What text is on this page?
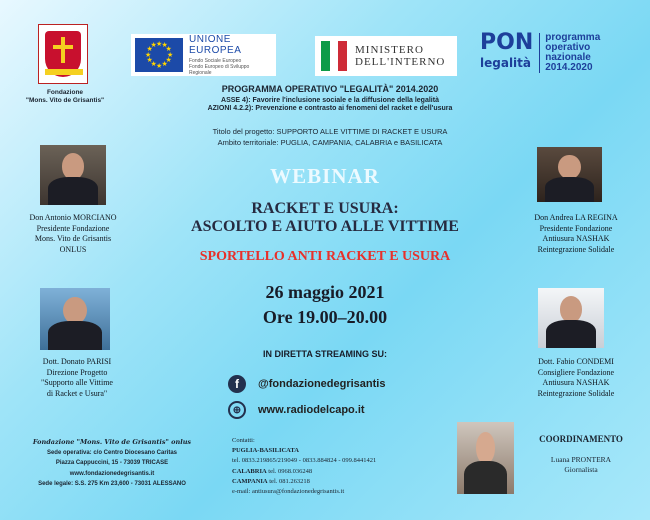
Fondazione
"Mons. Vito de Grisantis"
★ ★
★
★
★
★
★
★
★
★
★
★
UNIONE EUROPEA
Fondo Sociale Europeo
Fondo Europeo di Sviluppo Regionale
MINISTERO
DELL'INTERNO
PON
legalità
programma
operativo
nazionale
2014.2020
PROGRAMMA OPERATIVO "LEGALITÀ" 2014.2020
ASSE 4): Favorire l'inclusione sociale e la diffusione della legalità
AZIONI 4.2.2): Prevenzione e contrasto ai fenomeni del racket e dell'usura
Titolo del progetto: SUPPORTO ALLE VITTIME DI RACKET E USURA
Ambito territoriale: PUGLIA, CAMPANIA, CALABRIA e BASILICATA
Don Antonio MORCIANO
Presidente Fondazione
Mons. Vito de Grisantis
ONLUS
Don Andrea LA REGINA
Presidente Fondazione
Antiusura NASHAK
Reintegrazione Solidale
Dott. Donato PARISI
Direzione Progetto
"Supporto alle Vittime
di Racket e Usura"
Dott. Fabio CONDEMI
Consigliere Fondazione
Antiusura NASHAK
Reintegrazione Solidale
WEBINAR
RACKET E USURA:
ASCOLTO E AIUTO ALLE VITTIME
SPORTELLO ANTI RACKET E USURA
26 maggio 2021
Ore 19.00–20.00
IN DIRETTA STREAMING SU:
f	@fondazionedegrisantis
⊕	www.radiodelcapo.it
Fondazione "Mons. Vito de Grisantis" onlus
Sede operativa: c/o Centro Diocesano Caritas
Piazza Cappuccini, 15 - 73039 TRICASE
www.fondazionedegrisantis.it
Sede legale: S.S. 275 Km 23,600 - 73031 ALESSANO
Contatti:
PUGLIA-BASILICATA
tel. 0833.219865/219049 - 0833.884824 - 099.8441421
CALABRIA tel. 0968.036248
CAMPANIA tel. 081.263218
e-mail: antiusura@fondazionedegrisantis.it
COORDINAMENTO
Luana PRONTERA
Giornalista
